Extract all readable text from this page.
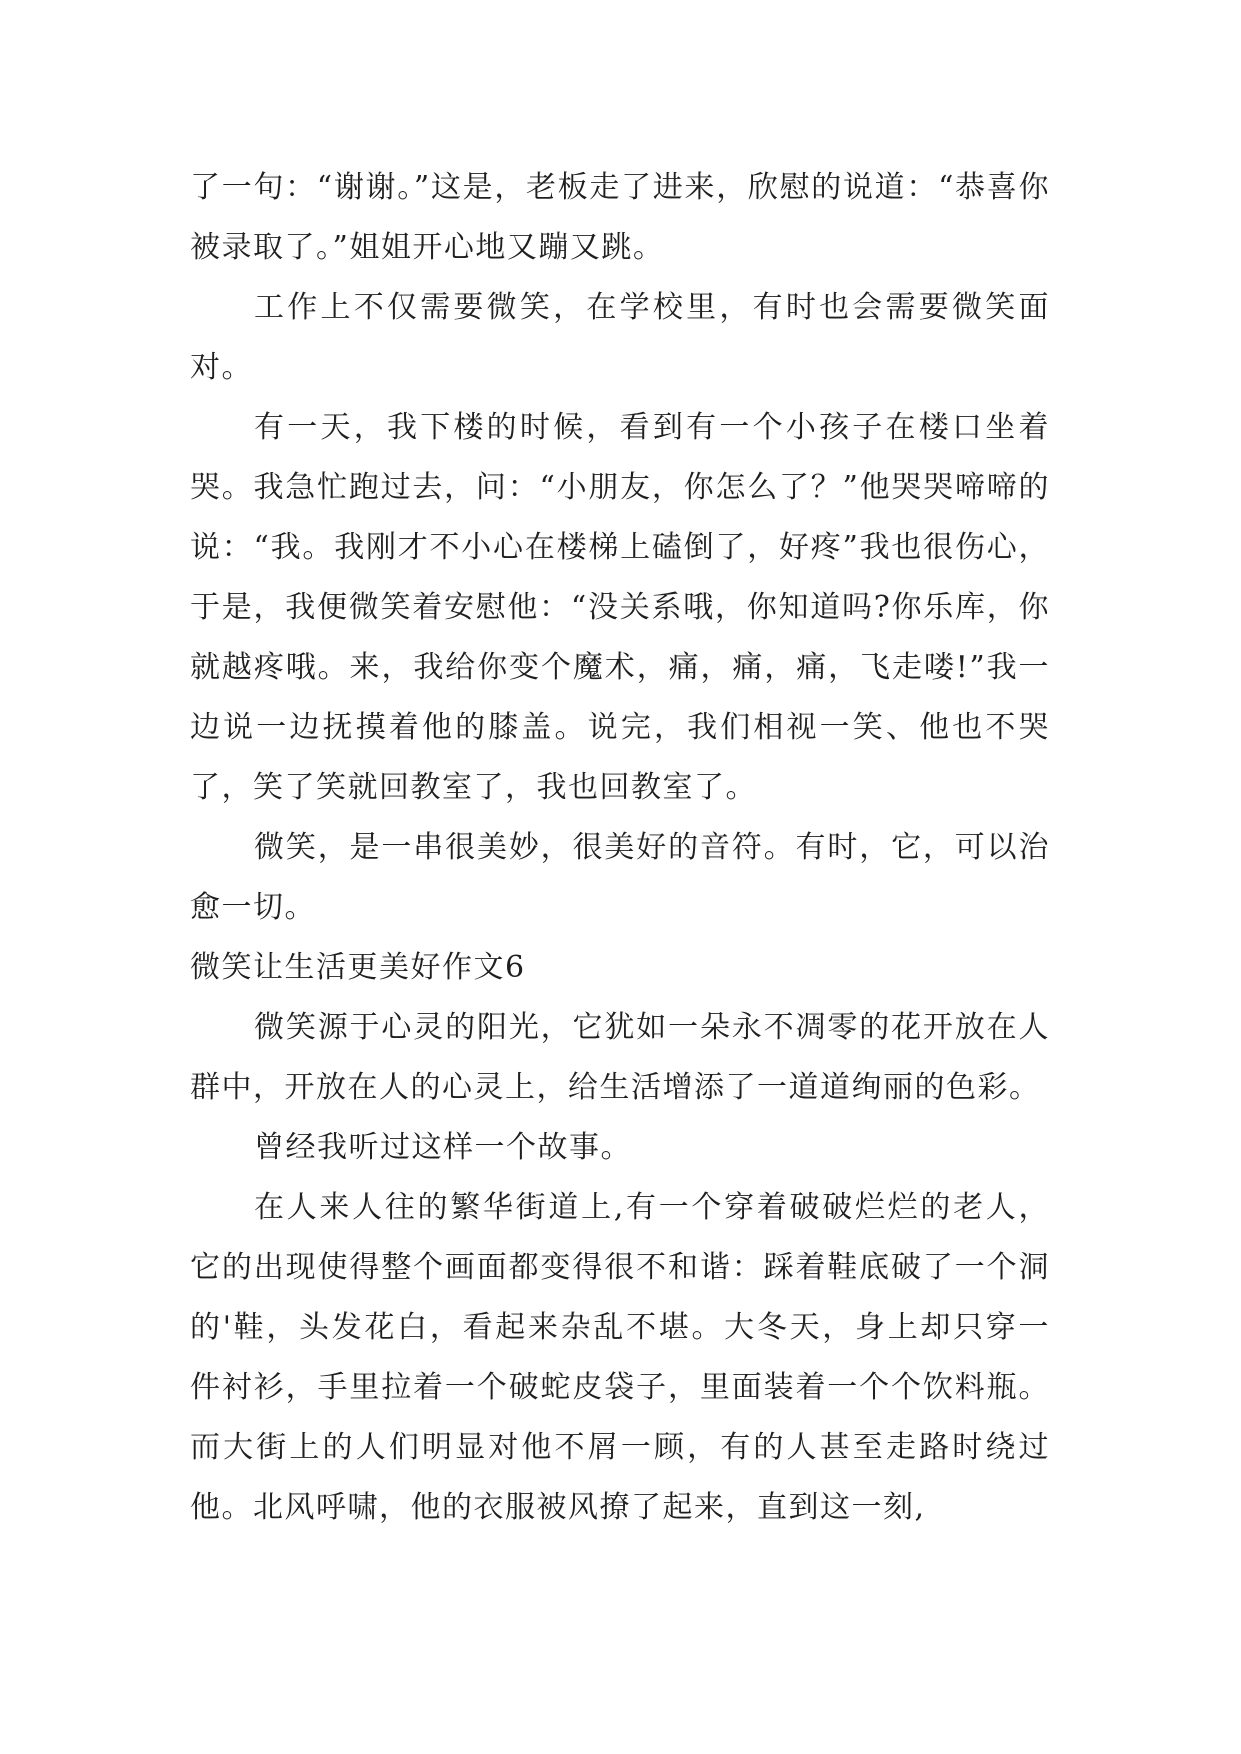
了一句：“谢谢。”这是，老板走了进来，欣慰的说道：“恭喜你被录取了。”姐姐开心地又蹦又跳。

工作上不仅需要微笑，在学校里，有时也会需要微笑面对。

有一天，我下楼的时候，看到有一个小孩子在楼口坐着哭。我急忙跑过去，问：“小朋友，你怎么了？”他哭哭啼啼的说：“我。我刚才不小心在楼梯上磕倒了，好疼”我也很伤心，于是，我便微笑着安慰他：“没关系哦，你知道吗?你乐库，你就越疼哦。来，我给你变个魔术，痛，痛，痛，飞走喽!”我一边说一边抚摸着他的膝盖。说完，我们相视一笑、他也不哭了，笑了笑就回教室了，我也回教室了。

微笑，是一串很美妙，很美好的音符。有时，它，可以治愈一切。

微笑让生活更美好作文6

微笑源于心灵的阳光，它犹如一朵永不凋零的花开放在人群中，开放在人的心灵上，给生活增添了一道道绚丽的色彩。

曾经我听过这样一个故事。

在人来人往的繁华街道上,有一个穿着破破烂烂的老人，它的出现使得整个画面都变得很不和谐：踩着鞋底破了一个洞的'鞋，头发花白，看起来杂乱不堪。大冬天，身上却只穿一件衬衫，手里拉着一个破蛇皮袋子，里面装着一个个饮料瓶。而大街上的人们明显对他不屑一顾，有的人甚至走路时绕过他。北风呼啸，他的衣服被风撩了起来，直到这一刻,
